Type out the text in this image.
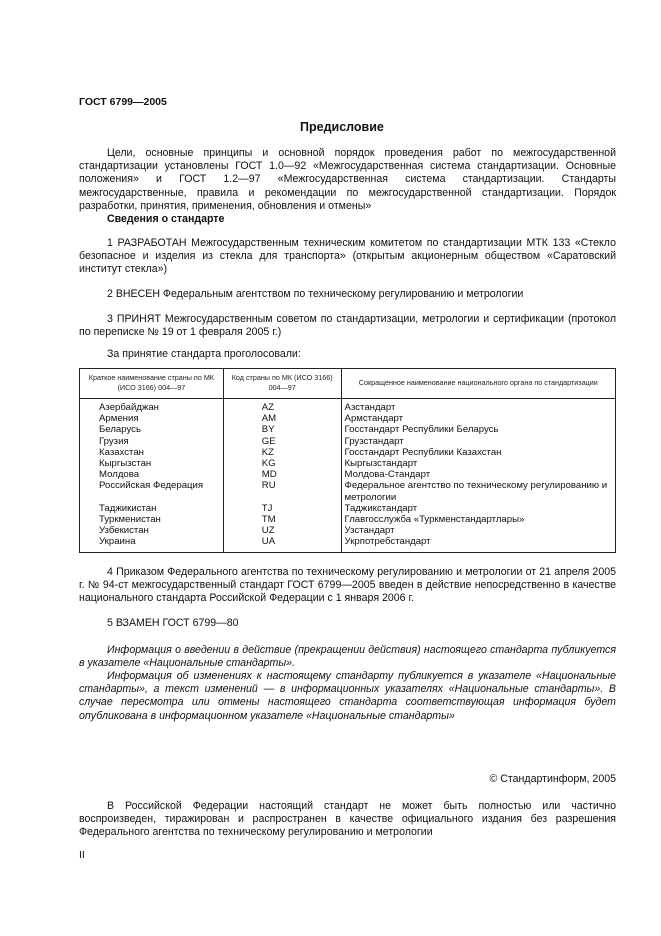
ГОСТ 6799—2005
Предисловие
Цели, основные принципы и основной порядок проведения работ по межгосударственной стандартизации установлены ГОСТ 1.0—92 «Межгосударственная система стандартизации. Основные положения» и ГОСТ 1.2—97 «Межгосударственная система стандартизации. Стандарты межгосударственные, правила и рекомендации по межгосударственной стандартизации. Порядок разработки, принятия, применения, обновления и отмены»
Сведения о стандарте
1 РАЗРАБОТАН Межгосударственным техническим комитетом по стандартизации МТК 133 «Стекло безопасное и изделия из стекла для транспорта» (открытым акционерным обществом «Саратовский институт стекла»)
2 ВНЕСЕН Федеральным агентством по техническому регулированию и метрологии
3 ПРИНЯТ Межгосударственным советом по стандартизации, метрологии и сертификации (протокол по переписке № 19 от 1 февраля 2005 г.)
За принятие стандарта проголосовали:
Краткое наименование страны по МК (ИСО 3166) 004—97	Код страны по МК (ИСО 3166) 004—97	Сокращенное наименование национального органа по стандартизации
Азербайджан	AZ	Азстандарт
Армения	AM	Армстандарт
Беларусь	BY	Госстандарт Республики Беларусь
Грузия	GE	Грузстандарт
Казахстан	KZ	Госстандарт Республики Казахстан
Кыргызстан	KG	Кыргызстандарт
Молдова	MD	Молдова-Стандарт
Российская Федерация	RU	Федеральное агентство по техническому регулированию и метрологии
Таджикистан	TJ	Таджикстандарт
Туркменистан	TM	Главгосслужба «Туркменстандартлары»
Узбекистан	UZ	Узстандарт
Украина	UA	Укрпотребстандарт
4 Приказом Федерального агентства по техническому регулированию и метрологии от 21 апреля 2005 г. № 94-ст межгосударственный стандарт ГОСТ 6799—2005 введен в действие непосредственно в качестве национального стандарта Российской Федерации с 1 января 2006 г.
5 ВЗАМЕН ГОСТ 6799—80
Информация о введении в действие (прекращении действия) настоящего стандарта публикуется в указателе «Национальные стандарты».
Информация об изменениях к настоящему стандарту публикуется в указателе «Национальные стандарты», а текст изменений — в информационных указателях «Национальные стандарты». В случае пересмотра или отмены настоящего стандарта соответствующая информация будет опубликована в информационном указателе «Национальные стандарты»
© Стандартинформ, 2005
В Российской Федерации настоящий стандарт не может быть полностью или частично воспроизведен, тиражирован и распространен в качестве официального издания без разрешения Федерального агентства по техническому регулированию и метрологии
II
